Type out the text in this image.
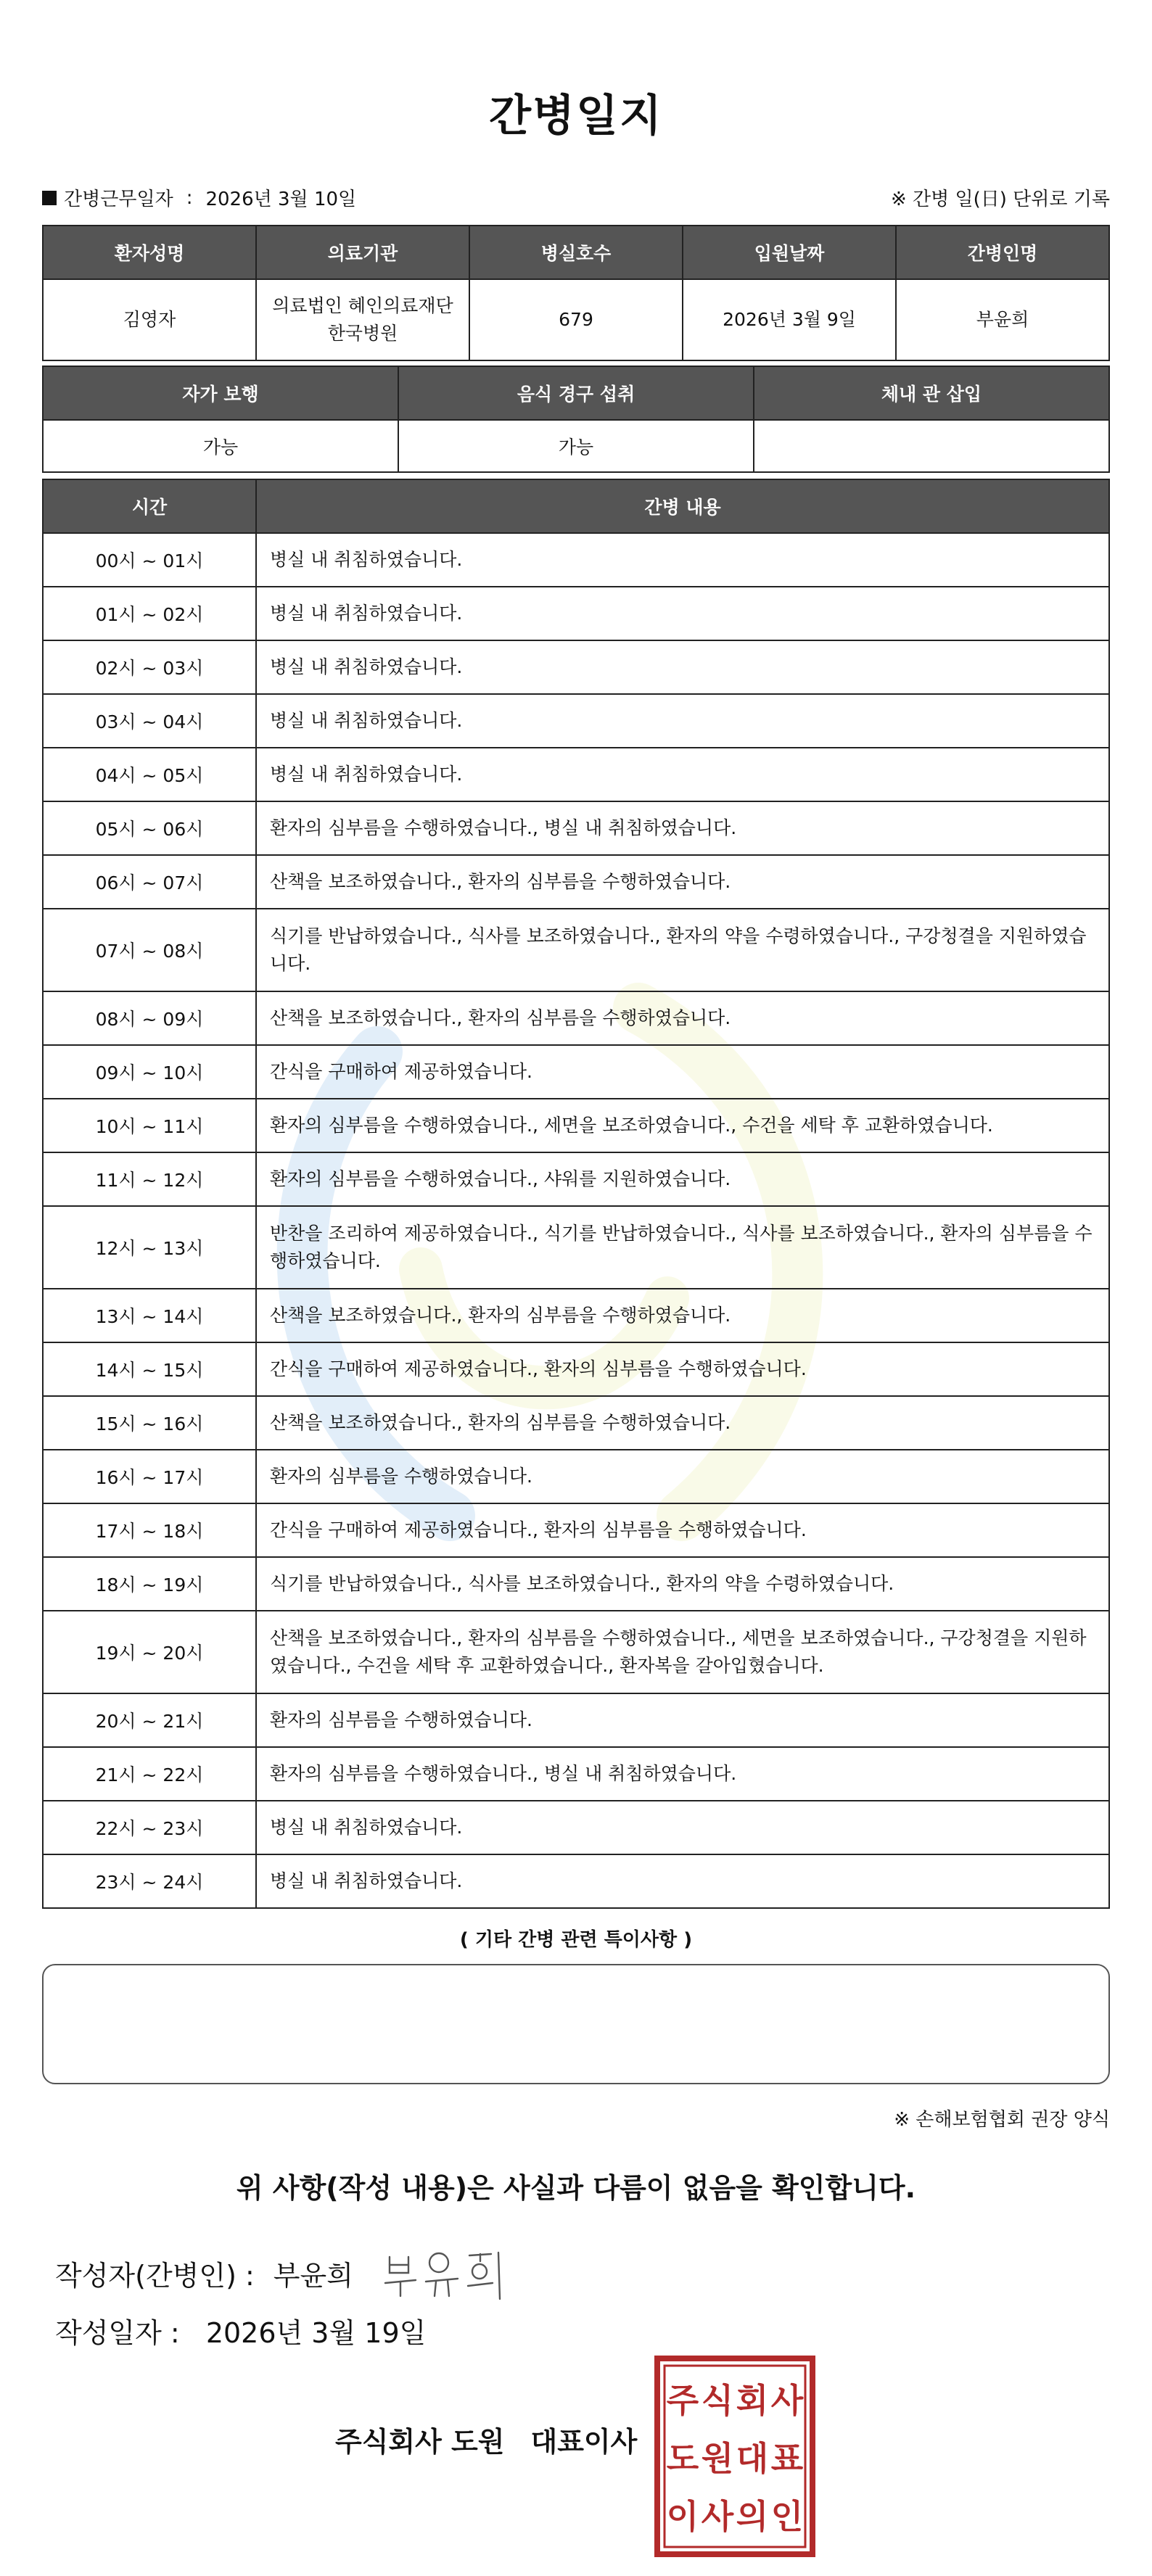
간병일지
간병근무일자 : 2026년 3월 10일	※ 간병 일(日) 단위로 기록
환자성명	의료기관	병실호수	입원날짜	간병인명
김영자	의료법인 혜인의료재단 한국병원	679	2026년 3월 9일	부윤희
자가 보행	음식 경구 섭취	체내 관 삽입
가능	가능	
시간	간병 내용
00시 ~ 01시	병실 내 취침하였습니다.
01시 ~ 02시	병실 내 취침하였습니다.
02시 ~ 03시	병실 내 취침하였습니다.
03시 ~ 04시	병실 내 취침하였습니다.
04시 ~ 05시	병실 내 취침하였습니다.
05시 ~ 06시	환자의 심부름을 수행하였습니다., 병실 내 취침하였습니다.
06시 ~ 07시	산책을 보조하였습니다., 환자의 심부름을 수행하였습니다.
07시 ~ 08시	식기를 반납하였습니다., 식사를 보조하였습니다., 환자의 약을 수령하였습니다., 구강청결을 지원하였습니다.
08시 ~ 09시	산책을 보조하였습니다., 환자의 심부름을 수행하였습니다.
09시 ~ 10시	간식을 구매하여 제공하였습니다.
10시 ~ 11시	환자의 심부름을 수행하였습니다., 세면을 보조하였습니다., 수건을 세탁 후 교환하였습니다.
11시 ~ 12시	환자의 심부름을 수행하였습니다., 샤워를 지원하였습니다.
12시 ~ 13시	반찬을 조리하여 제공하였습니다., 식기를 반납하였습니다., 식사를 보조하였습니다., 환자의 심부름을 수행하였습니다.
13시 ~ 14시	산책을 보조하였습니다., 환자의 심부름을 수행하였습니다.
14시 ~ 15시	간식을 구매하여 제공하였습니다., 환자의 심부름을 수행하였습니다.
15시 ~ 16시	산책을 보조하였습니다., 환자의 심부름을 수행하였습니다.
16시 ~ 17시	환자의 심부름을 수행하였습니다.
17시 ~ 18시	간식을 구매하여 제공하였습니다., 환자의 심부름을 수행하였습니다.
18시 ~ 19시	식기를 반납하였습니다., 식사를 보조하였습니다., 환자의 약을 수령하였습니다.
19시 ~ 20시	산책을 보조하였습니다., 환자의 심부름을 수행하였습니다., 세면을 보조하였습니다., 구강청결을 지원하였습니다., 수건을 세탁 후 교환하였습니다., 환자복을 갈아입혔습니다.
20시 ~ 21시	환자의 심부름을 수행하였습니다.
21시 ~ 22시	환자의 심부름을 수행하였습니다., 병실 내 취침하였습니다.
22시 ~ 23시	병실 내 취침하였습니다.
23시 ~ 24시	병실 내 취침하였습니다.
( 기타 간병 관련 특이사항 )
※ 손해보험협회 권장 양식
위 사항(작성 내용)은 사실과 다름이 없음을 확인합니다.
작성자(간병인) : 부윤희
작성일자 : 2026년 3월 19일
주식회사 도원 대표이사
주 식 회 사
도 원 대 표
이 사 의 인
